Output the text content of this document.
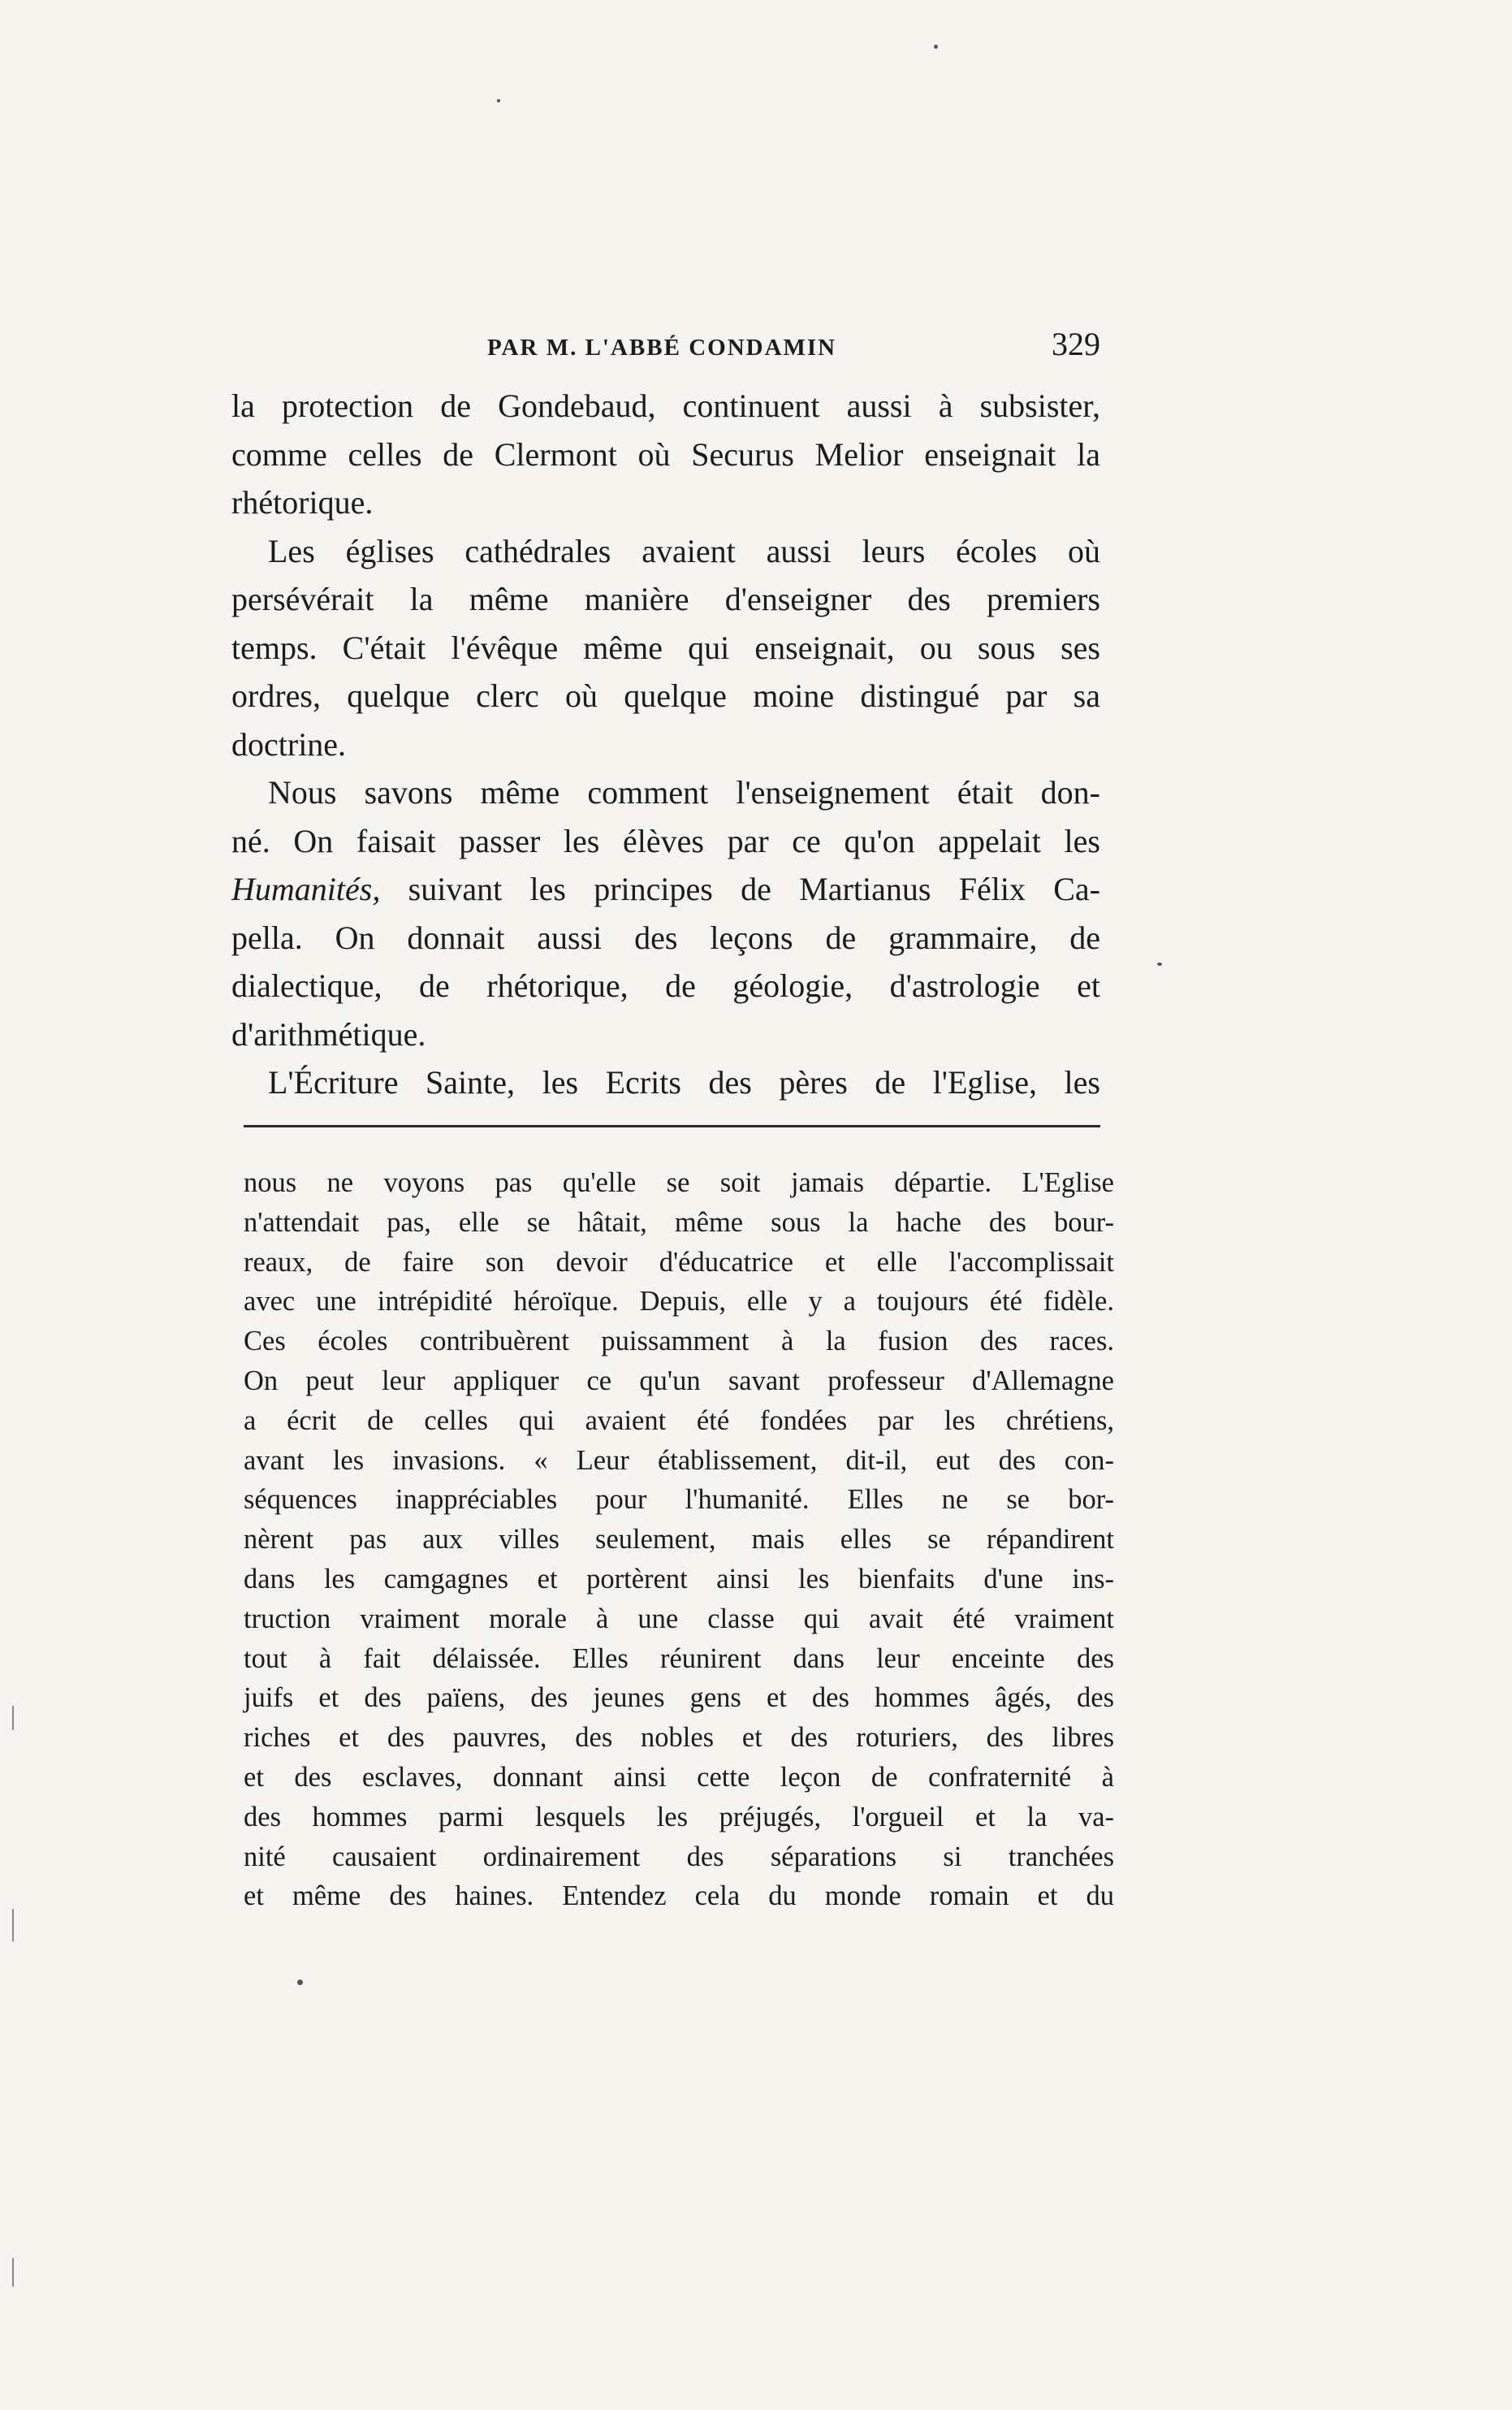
PAR M. L'ABBÉ CONDAMIN	329
la protection de Gondebaud, continuent aussi à subsister,
comme celles de Clermont où Securus Melior enseignait la
rhétorique.
Les églises cathédrales avaient aussi leurs écoles où
persévérait la même manière d'enseigner des premiers
temps. C'était l'évêque même qui enseignait, ou sous ses
ordres, quelque clerc où quelque moine distingué par sa
doctrine.
Nous savons même comment l'enseignement était don-
né. On faisait passer les élèves par ce qu'on appelait les
Humanités, suivant les principes de Martianus Félix Ca-
pella. On donnait aussi des leçons de grammaire, de
dialectique, de rhétorique, de géologie, d'astrologie et
d'arithmétique.
L'Écriture Sainte, les Ecrits des pères de l'Eglise, les
nous ne voyons pas qu'elle se soit jamais départie. L'Eglise
n'attendait pas, elle se hâtait, même sous la hache des bour-
reaux, de faire son devoir d'éducatrice et elle l'accomplissait
avec une intrépidité héroïque. Depuis, elle y a toujours été fidèle.
Ces écoles contribuèrent puissamment à la fusion des races.
On peut leur appliquer ce qu'un savant professeur d'Allemagne
a écrit de celles qui avaient été fondées par les chrétiens,
avant les invasions. « Leur établissement, dit-il, eut des con-
séquences inappréciables pour l'humanité. Elles ne se bor-
nèrent pas aux villes seulement, mais elles se répandirent
dans les camgagnes et portèrent ainsi les bienfaits d'une ins-
truction vraiment morale à une classe qui avait été vraiment
tout à fait délaissée. Elles réunirent dans leur enceinte des
juifs et des païens, des jeunes gens et des hommes âgés, des
riches et des pauvres, des nobles et des roturiers, des libres
et des esclaves, donnant ainsi cette leçon de confraternité à
des hommes parmi lesquels les préjugés, l'orgueil et la va-
nité causaient ordinairement des séparations si tranchées
et même des haines. Entendez cela du monde romain et du
